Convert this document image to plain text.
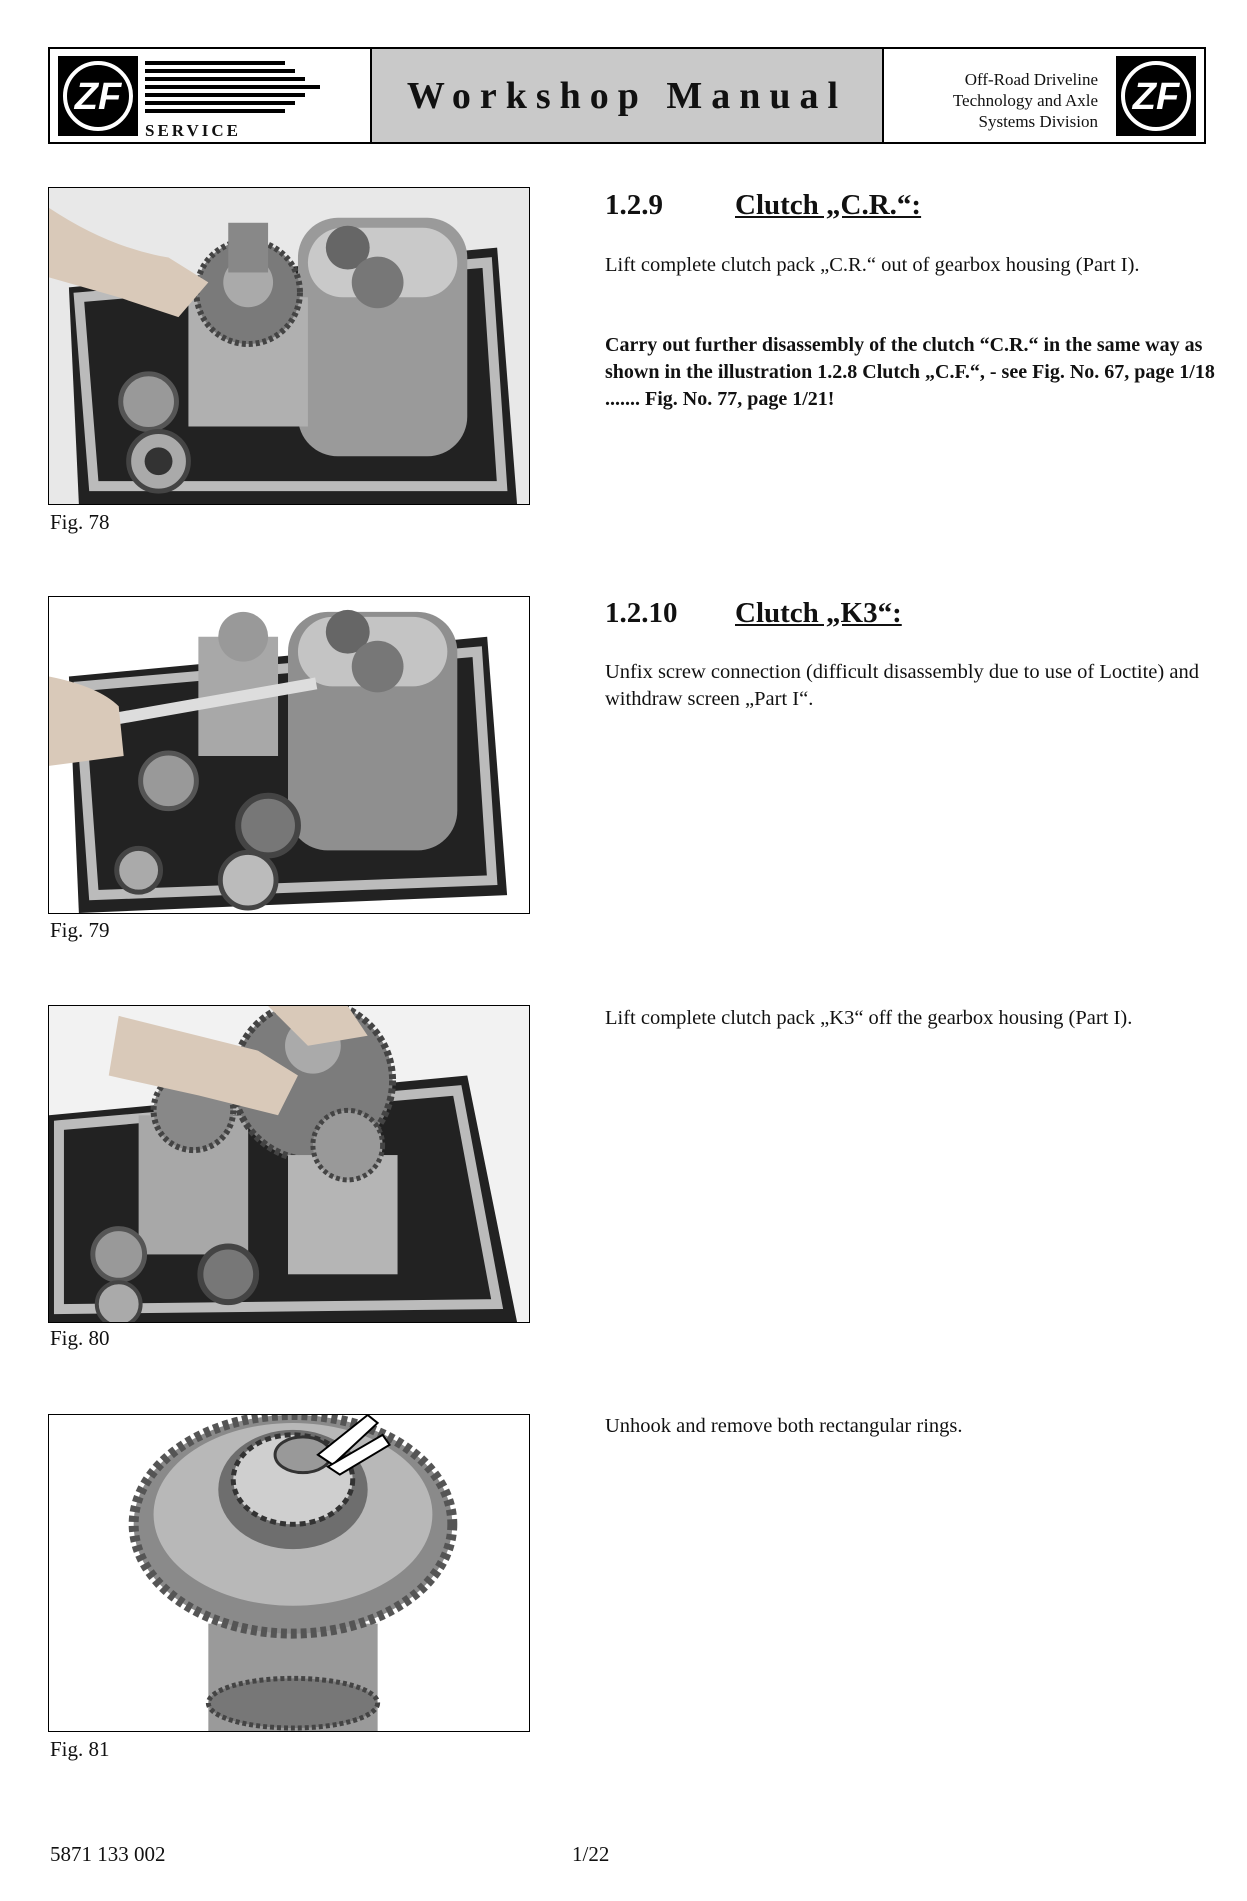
ZF
SERVICE
Workshop Manual	Off-Road Driveline
Technology and Axle
Systems Division
ZF
Fig. 78
1.2.9 Clutch „C.R.“:
Lift complete clutch pack „C.R.“ out of gearbox housing (Part I).
Carry out further disassembly of the clutch “C.R.“ in the same way as shown in the illustration 1.2.8 Clutch „C.F.“, - see Fig. No. 67, page 1/18 ....... Fig. No. 77, page 1/21!
Fig. 79
1.2.10 Clutch „K3“:
Unfix screw connection (difficult disassembly due to use of Loctite) and withdraw screen „Part I“.
Fig. 80
Lift complete clutch pack „K3“ off the gearbox housing (Part I).
Fig. 81
Unhook and remove both rectangular rings.
5871 133 002	1/22
